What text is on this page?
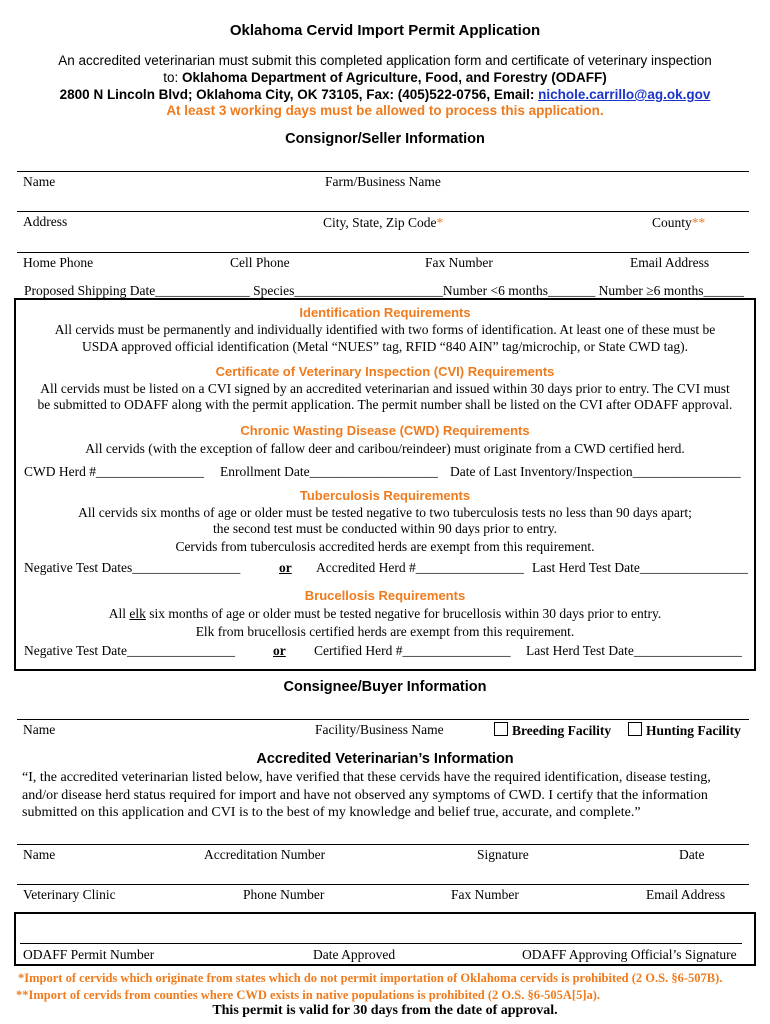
Oklahoma Cervid Import Permit Application
An accredited veterinarian must submit this completed application form and certificate of veterinary inspection
to: Oklahoma Department of Agriculture, Food, and Forestry (ODAFF)
2800 N Lincoln Blvd; Oklahoma City, OK 73105, Fax: (405)522-0756, Email: nichole.carrillo@ag.ok.gov
At least 3 working days must be allowed to process this application.
Consignor/Seller Information
Name	Farm/Business Name
Address	City, State, Zip Code*	County**
Home Phone	Cell Phone	Fax Number	Email Address
Proposed Shipping Date______________ Species______________________Number <6 months_______ Number ≥6 months______
Identification Requirements
All cervids must be permanently and individually identified with two forms of identification. At least one of these must be
USDA approved official identification (Metal “NUES” tag, RFID “840 AIN” tag/microchip, or State CWD tag).
Certificate of Veterinary Inspection (CVI) Requirements
All cervids must be listed on a CVI signed by an accredited veterinarian and issued within 30 days prior to entry. The CVI must
be submitted to ODAFF along with the permit application. The permit number shall be listed on the CVI after ODAFF approval.
Chronic Wasting Disease (CWD) Requirements
All cervids (with the exception of fallow deer and caribou/reindeer) must originate from a CWD certified herd.
CWD Herd #________________ Enrollment Date___________________ Date of Last Inventory/Inspection________________
Tuberculosis Requirements
All cervids six months of age or older must be tested negative to two tuberculosis tests no less than 90 days apart;
the second test must be conducted within 90 days prior to entry.
Cervids from tuberculosis accredited herds are exempt from this requirement.
Negative Test Dates________________	or Accredited Herd #________________ Last Herd Test Date________________
Brucellosis Requirements
All elk six months of age or older must be tested negative for brucellosis within 30 days prior to entry.
Elk from brucellosis certified herds are exempt from this requirement.
Negative Test Date________________	or Certified Herd #________________ Last Herd Test Date________________
Consignee/Buyer Information
Name	Facility/Business Name	Breeding Facility	Hunting Facility
Accredited Veterinarian’s Information
“I, the accredited veterinarian listed below, have verified that these cervids have the required identification, disease testing,
and/or disease herd status required for import and have not observed any symptoms of CWD. I certify that the information
submitted on this application and CVI is to the best of my knowledge and belief true, accurate, and complete.”
Name	Accreditation Number	Signature	Date
Veterinary Clinic	Phone Number	Fax Number	Email Address
ODAFF Permit Number	Date Approved	ODAFF Approving Official’s Signature
*Import of cervids which originate from states which do not permit importation of Oklahoma cervids is prohibited (2 O.S. §6-507B).
**Import of cervids from counties where CWD exists in native populations is prohibited (2 O.S. §6-505A[5]a).
This permit is valid for 30 days from the date of approval.
